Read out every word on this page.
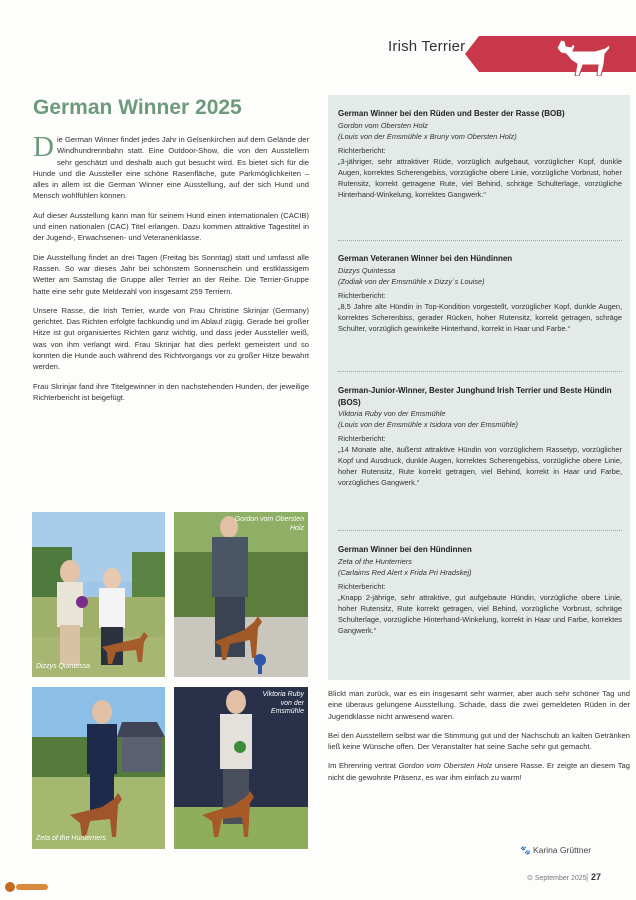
Irish Terrier
German Winner 2025

Die German Winner findet jedes Jahr in Gelsenkirchen auf dem Gelände der Windhundrennbahn statt. Eine Outdoor-Show, die von den Ausstellern sehr geschätzt und deshalb auch gut besucht wird. Es bietet sich für die Hunde und die Aussteller eine schöne Rasenfläche, gute Parkmöglichkeiten – alles in allem ist die German Winner eine Ausstellung, auf der sich Hund und Mensch wohlfühlen können.

Auf dieser Ausstellung kann man für seinem Hund einen internationalen (CACIB) und einen nationalen (CAC) Titel erlangen. Dazu kommen attraktive Tagestitel in der Jugend-, Erwachsenen- und Veteranenklasse.

Die Ausstellung findet an drei Tagen (Freitag bis Sonntag) statt und umfasst alle Rassen. So war dieses Jahr bei schönstem Sonnenschein und erstklassigem Wetter am Samstag die Gruppe aller Terrier an der Reihe. Die Terrier-Gruppe hatte eine sehr gute Meldezahl von insgesamt 259 Terriern.

Unsere Rasse, die Irish Terrier, wurde von Frau Christine Skrinjar (Germany) gerichtet. Das Richten erfolgte fachkundig und im Ablauf zügig. Gerade bei großer Hitze ist gut organisiertes Richten ganz wichtig, und dass jeder Aussteller weiß, was von ihm verlangt wird. Frau Skrinjar hat dies perfekt gemeistert und so konnten die Hunde auch während des Richtvorgangs vor zu großer Hitze bewahrt werden.

Frau Skrinjar fand ihre Titelgewinner in den nachstehenden Hunden, der jeweilige Richterbericht ist beigefügt.

German Winner bei den Rüden und Bester der Rasse (BOB)
Gordon vom Obersten Holz
(Louis von der Emsmühle x Bruny vom Obersten Holz)
Richterbericht:
„3-jähriger, sehr attraktiver Rüde, vorzüglich aufgebaut, vorzüglicher Kopf, dunkle Augen, korrektes Scherengebiss, vorzügliche obere Linie, vorzügliche Vorbrust, hoher Rutensitz, korrekt getragene Rute, viel Behind, schräge Schulterlage, vorzügliche Hinterhand-Winkelung, korrektes Gangwerk.“
German Veteranen Winner bei den Hündinnen
Dizzys Quintessa
(Zodiak von der Emsmühle x Dizzy´s Louise)
Richterbericht:
„8,5 Jahre alte Hündin in Top-Kondition vorgestellt, vorzüglicher Kopf, dunkle Augen, korrektes Scherenbiss, gerader Rücken, hoher Rutensitz, korrekt getragen, schräge Schulter, vorzüglich gewinkelte Hinterhand, korrekt in Haar und Farbe.“
German-Junior-Winner, Bester Junghund Irish Terrier und Beste Hündin (BOS)
Viktoria Ruby von der Emsmühle
(Louis von der Emsmühle x Isidora von der Emsmühle)
Richterbericht:
„14 Monate alte, äußerst attraktive Hündin von vorzüglichem Rassetyp, vorzüglicher Kopf und Ausdruck, dunkle Augen, korrektes Scherengebiss, vorzügliche obere Linie, hoher Rutensitz, Rute korrekt getragen, viel Behind, korrekt in Haar und Farbe, vorzügliches Gangwerk.“
German Winner bei den Hündinnen
Zeta of the Hunterriers
(Carlaims Red Alert x Frida Pri Hradskej)
Richterbericht:
„Knapp 2-jährige, sehr attraktive, gut aufgebaute Hündin, vorzügliche obere Linie, hoher Rutensitz, Rute korrekt getragen, viel Behind, vorzügliche Vorbrust, schräge Schulterlage, vorzügliche Hinterhand-Winkelung, korrekt in Haar und Farbe, korrektes Gangwerk.“
Dizzys Quintessa
Gordon vom Obersten Holz
Zeta of the Hunterriers
Viktoria Ruby von der Emsmühle

Blickt man zurück, war es ein insgesamt sehr warmer, aber auch sehr schöner Tag und eine überaus gelungene Ausstellung. Schade, dass die zwei gemeldeten Rüden in der Jugendklasse nicht anwesend waren.

Bei den Ausstellern selbst war die Stimmung gut und der Nachschub an kalten Getränken ließ keine Wünsche offen. Der Veranstalter hat seine Sache sehr gut gemacht.

Im Ehrenring vertrat Gordon vom Obersten Holz unsere Rasse. Er zeigte an diesem Tag nicht die gewohnte Präsenz, es war ihm einfach zu warm!

🐾 Karina Grüttner
❂ September 2025 | 27
